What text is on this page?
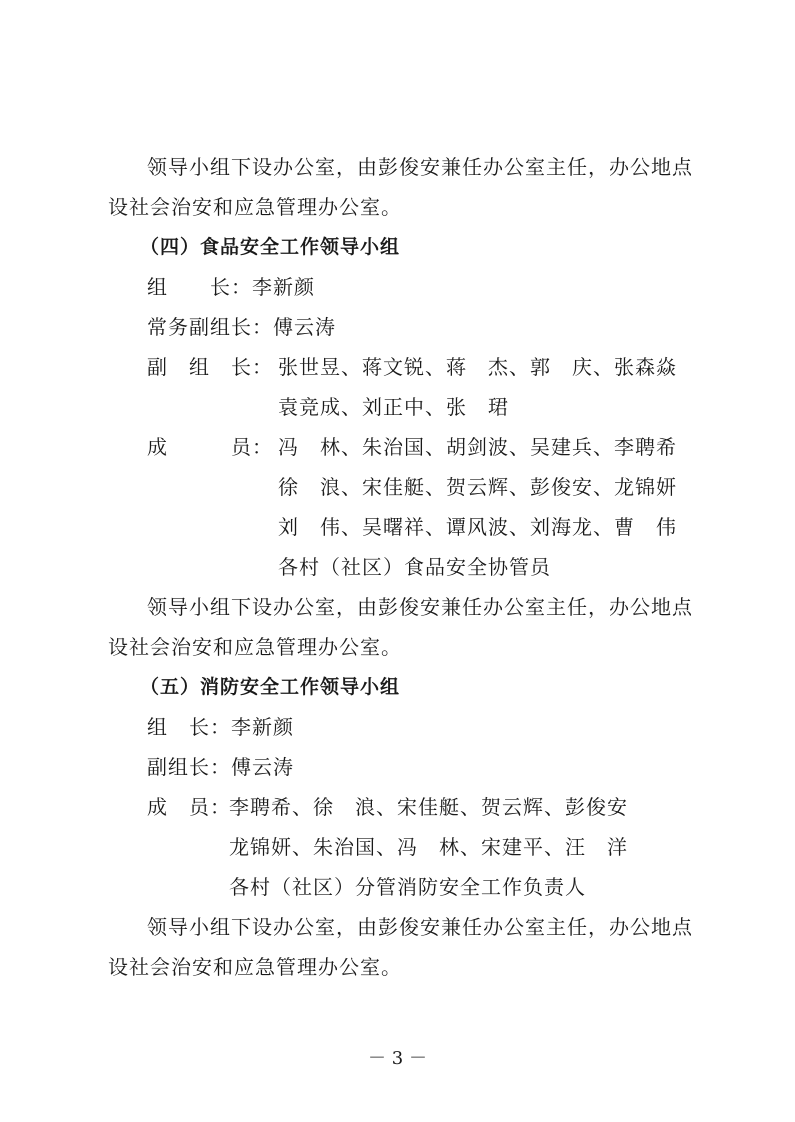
领导小组下设办公室，由彭俊安兼任办公室主任，办公地点
设社会治安和应急管理办公室。
（四）食品安全工作领导小组
组　　长：李新颜
常务副组长：傅云涛
副　组　长： 张世昱、蒋文锐、蒋　杰、郭　庆、张森焱
袁竞成、刘正中、张　珺
成　　　员： 冯　林、朱治国、胡剑波、吴建兵、李聘希
徐　浪、宋佳艇、贺云辉、彭俊安、龙锦妍
刘　伟、吴曙祥、谭风波、刘海龙、曹　伟
各村（社区）食品安全协管员
领导小组下设办公室，由彭俊安兼任办公室主任，办公地点
设社会治安和应急管理办公室。
（五）消防安全工作领导小组
组　长：李新颜
副组长：傅云涛
成　员：
李聘希、徐　浪、宋佳艇、贺云辉、彭俊安
龙锦妍、朱治国、冯　林、宋建平、汪　洋
各村（社区）分管消防安全工作负责人
领导小组下设办公室，由彭俊安兼任办公室主任，办公地点
设社会治安和应急管理办公室。
－ 3 －
